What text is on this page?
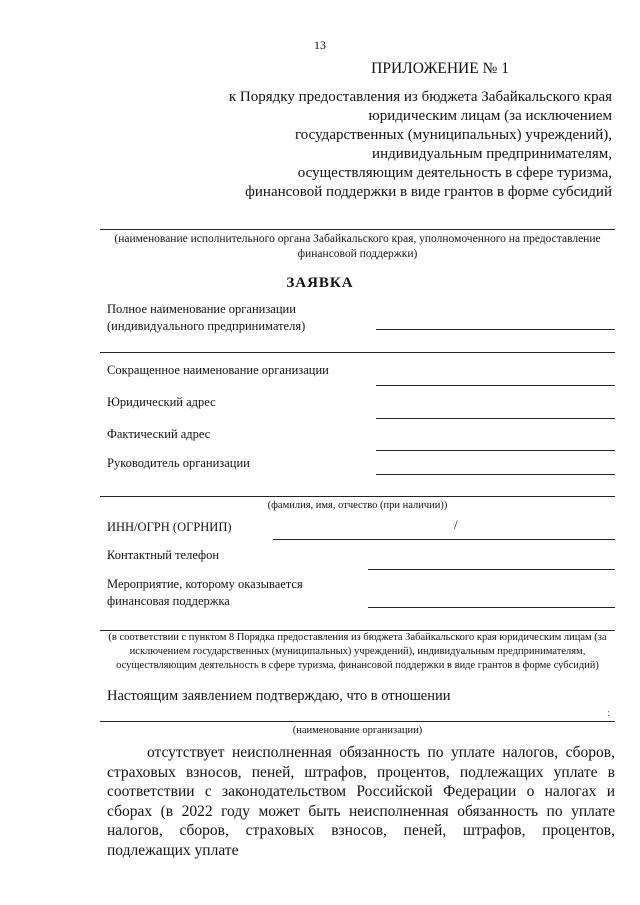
13
ПРИЛОЖЕНИЕ № 1
к Порядку предоставления из бюджета Забайкальского края
юридическим лицам (за исключением
государственных (муниципальных) учреждений),
индивидуальным предпринимателям,
осуществляющим деятельность в сфере туризма,
финансовой поддержки в виде грантов в форме субсидий
(наименование исполнительного органа Забайкальского края, уполномоченного на предоставление финансовой поддержки)
ЗАЯВКА
Полное наименование организации
(индивидуального предпринимателя)
Сокращенное наименование организации
Юридический адрес
Фактический адрес
Руководитель организации
(фамилия, имя, отчество (при наличии))
ИНН/ОГРН (ОГРНИП)	/
Контактный телефон
Мероприятие, которому оказывается
финансовая поддержка
(в соответствии с пунктом 8 Порядка предоставления из бюджета Забайкальского края юридическим лицам (за исключением государственных (муниципальных) учреждений), индивидуальным предпринимателям, осуществляющим деятельность в сфере туризма, финансовой поддержки в виде грантов в форме субсидий)
Настоящим заявлением подтверждаю, что в отношении
:
(наименование организации)
отсутствует неисполненная обязанность по уплате налогов, сборов, страховых взносов, пеней, штрафов, процентов, подлежащих уплате в соответствии с законодательством Российской Федерации о налогах и сборах (в 2022 году может быть неисполненная обязанность по уплате налогов, сборов, страховых взносов, пеней, штрафов, процентов, подлежащих уплате
